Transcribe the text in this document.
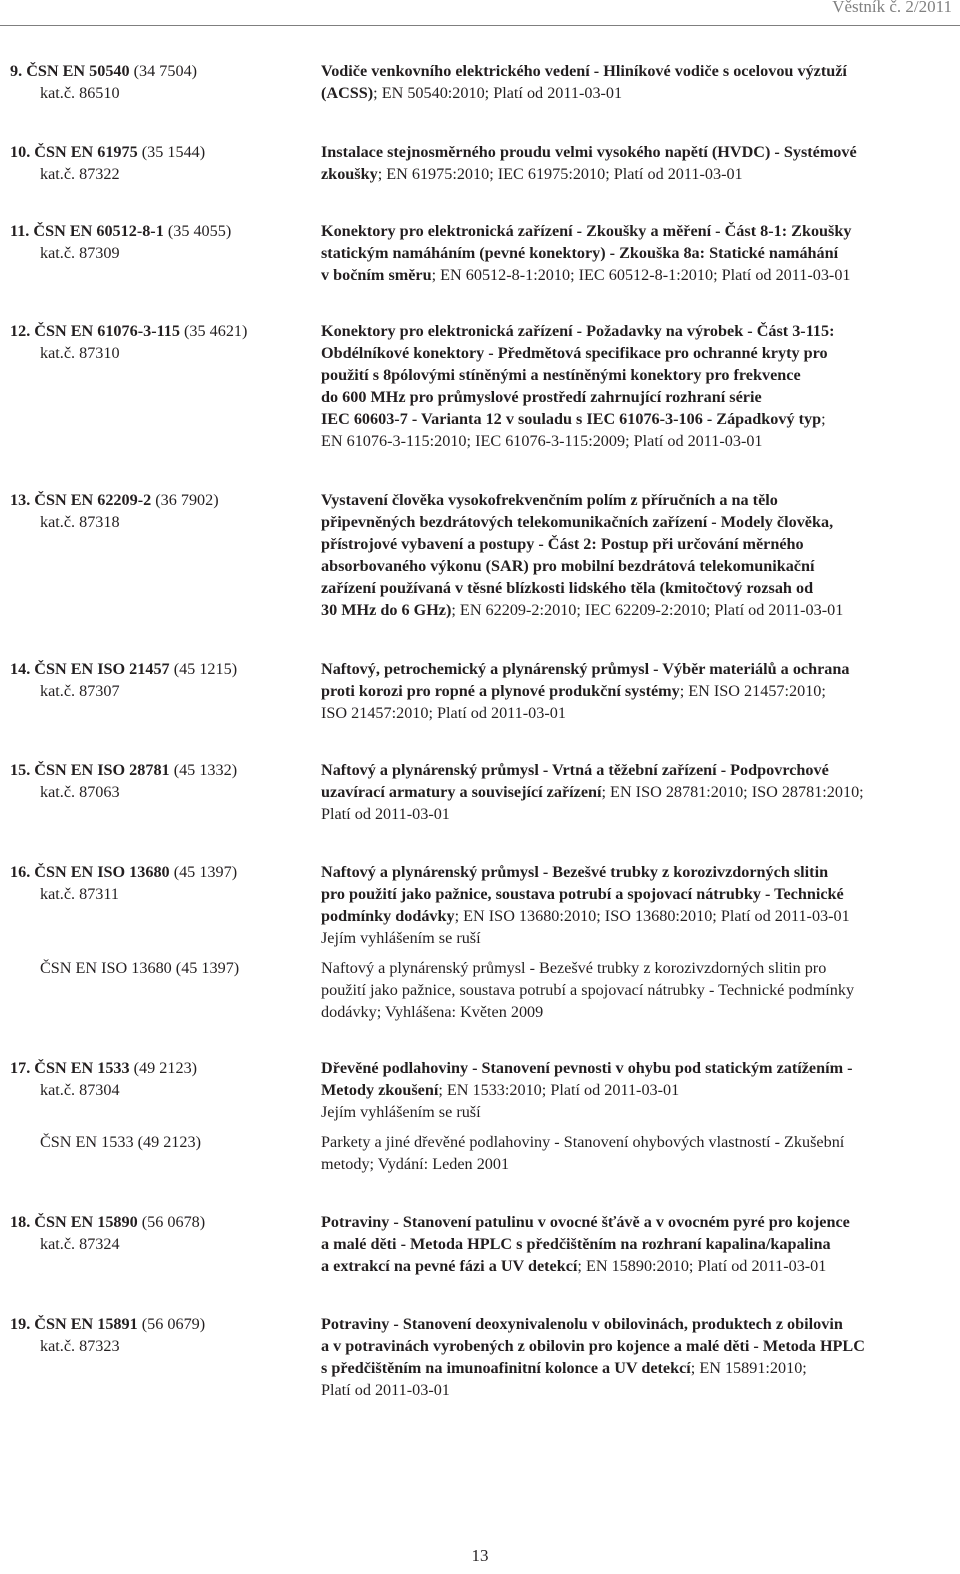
Věstník č. 2/2011
9. ČSN EN 50540 (34 7504)
kat.č. 86510
Vodiče venkovního elektrického vedení - Hliníkové vodiče s ocelovou výztuží
(ACSS); EN 50540:2010; Platí od 2011-03-01
10. ČSN EN 61975 (35 1544)
kat.č. 87322
Instalace stejnosměrného proudu velmi vysokého napětí (HVDC) - Systémové
zkoušky; EN 61975:2010; IEC 61975:2010; Platí od 2011-03-01
11. ČSN EN 60512-8-1 (35 4055)
kat.č. 87309
Konektory pro elektronická zařízení - Zkoušky a měření - Část 8-1: Zkoušky
statickým namáháním (pevné konektory) - Zkouška 8a: Statické namáhání
v bočním směru; EN 60512-8-1:2010; IEC 60512-8-1:2010; Platí od 2011-03-01
12. ČSN EN 61076-3-115 (35 4621)
kat.č. 87310
Konektory pro elektronická zařízení - Požadavky na výrobek - Část 3-115:
Obdélníkové konektory - Předmětová specifikace pro ochranné kryty pro
použití s 8pólovými stíněnými a nestíněnými konektory pro frekvence
do 600 MHz pro průmyslové prostředí zahrnující rozhraní série
IEC 60603-7 - Varianta 12 v souladu s IEC 61076-3-106 - Západkový typ;
EN 61076-3-115:2010; IEC 61076-3-115:2009; Platí od 2011-03-01
13. ČSN EN 62209-2 (36 7902)
kat.č. 87318
Vystavení člověka vysokofrekvenčním polím z příručních a na tělo
připevněných bezdrátových telekomunikačních zařízení - Modely člověka,
přístrojové vybavení a postupy - Část 2: Postup při určování měrného
absorbovaného výkonu (SAR) pro mobilní bezdrátová telekomunikační
zařízení používaná v těsné blízkosti lidského těla (kmitočtový rozsah od
30 MHz do 6 GHz); EN 62209-2:2010; IEC 62209-2:2010; Platí od 2011-03-01
14. ČSN EN ISO 21457 (45 1215)
kat.č. 87307
Naftový, petrochemický a plynárenský průmysl - Výběr materiálů a ochrana
proti korozi pro ropné a plynové produkční systémy; EN ISO 21457:2010;
ISO 21457:2010; Platí od 2011-03-01
15. ČSN EN ISO 28781 (45 1332)
kat.č. 87063
Naftový a plynárenský průmysl - Vrtná a těžební zařízení - Podpovrchové
uzavírací armatury a související zařízení; EN ISO 28781:2010; ISO 28781:2010;
Platí od 2011-03-01
16. ČSN EN ISO 13680 (45 1397)
kat.č. 87311
Naftový a plynárenský průmysl - Bezešvé trubky z korozivzdorných slitin
pro použití jako pažnice, soustava potrubí a spojovací nátrubky - Technické
podmínky dodávky; EN ISO 13680:2010; ISO 13680:2010; Platí od 2011-03-01
Jejím vyhlášením se ruší
ČSN EN ISO 13680 (45 1397)	Naftový a plynárenský průmysl - Bezešvé trubky z korozivzdorných slitin pro
použití jako pažnice, soustava potrubí a spojovací nátrubky - Technické podmínky
dodávky; Vyhlášena: Květen 2009
17. ČSN EN 1533 (49 2123)
kat.č. 87304
Dřevěné podlahoviny - Stanovení pevnosti v ohybu pod statickým zatížením -
Metody zkoušení; EN 1533:2010; Platí od 2011-03-01
Jejím vyhlášením se ruší
ČSN EN 1533 (49 2123)	Parkety a jiné dřevěné podlahoviny - Stanovení ohybových vlastností - Zkušební
metody; Vydání: Leden 2001
18. ČSN EN 15890 (56 0678)
kat.č. 87324
Potraviny - Stanovení patulinu v ovocné šťávě a v ovocném pyré pro kojence
a malé děti - Metoda HPLC s předčištěním na rozhraní kapalina/kapalina
a extrakcí na pevné fázi a UV detekcí; EN 15890:2010; Platí od 2011-03-01
19. ČSN EN 15891 (56 0679)
kat.č. 87323
Potraviny - Stanovení deoxynivalenolu v obilovinách, produktech z obilovin
a v potravinách vyrobených z obilovin pro kojence a malé děti - Metoda HPLC
s předčištěním na imunoafinitní kolonce a UV detekcí; EN 15891:2010;
Platí od 2011-03-01
13
